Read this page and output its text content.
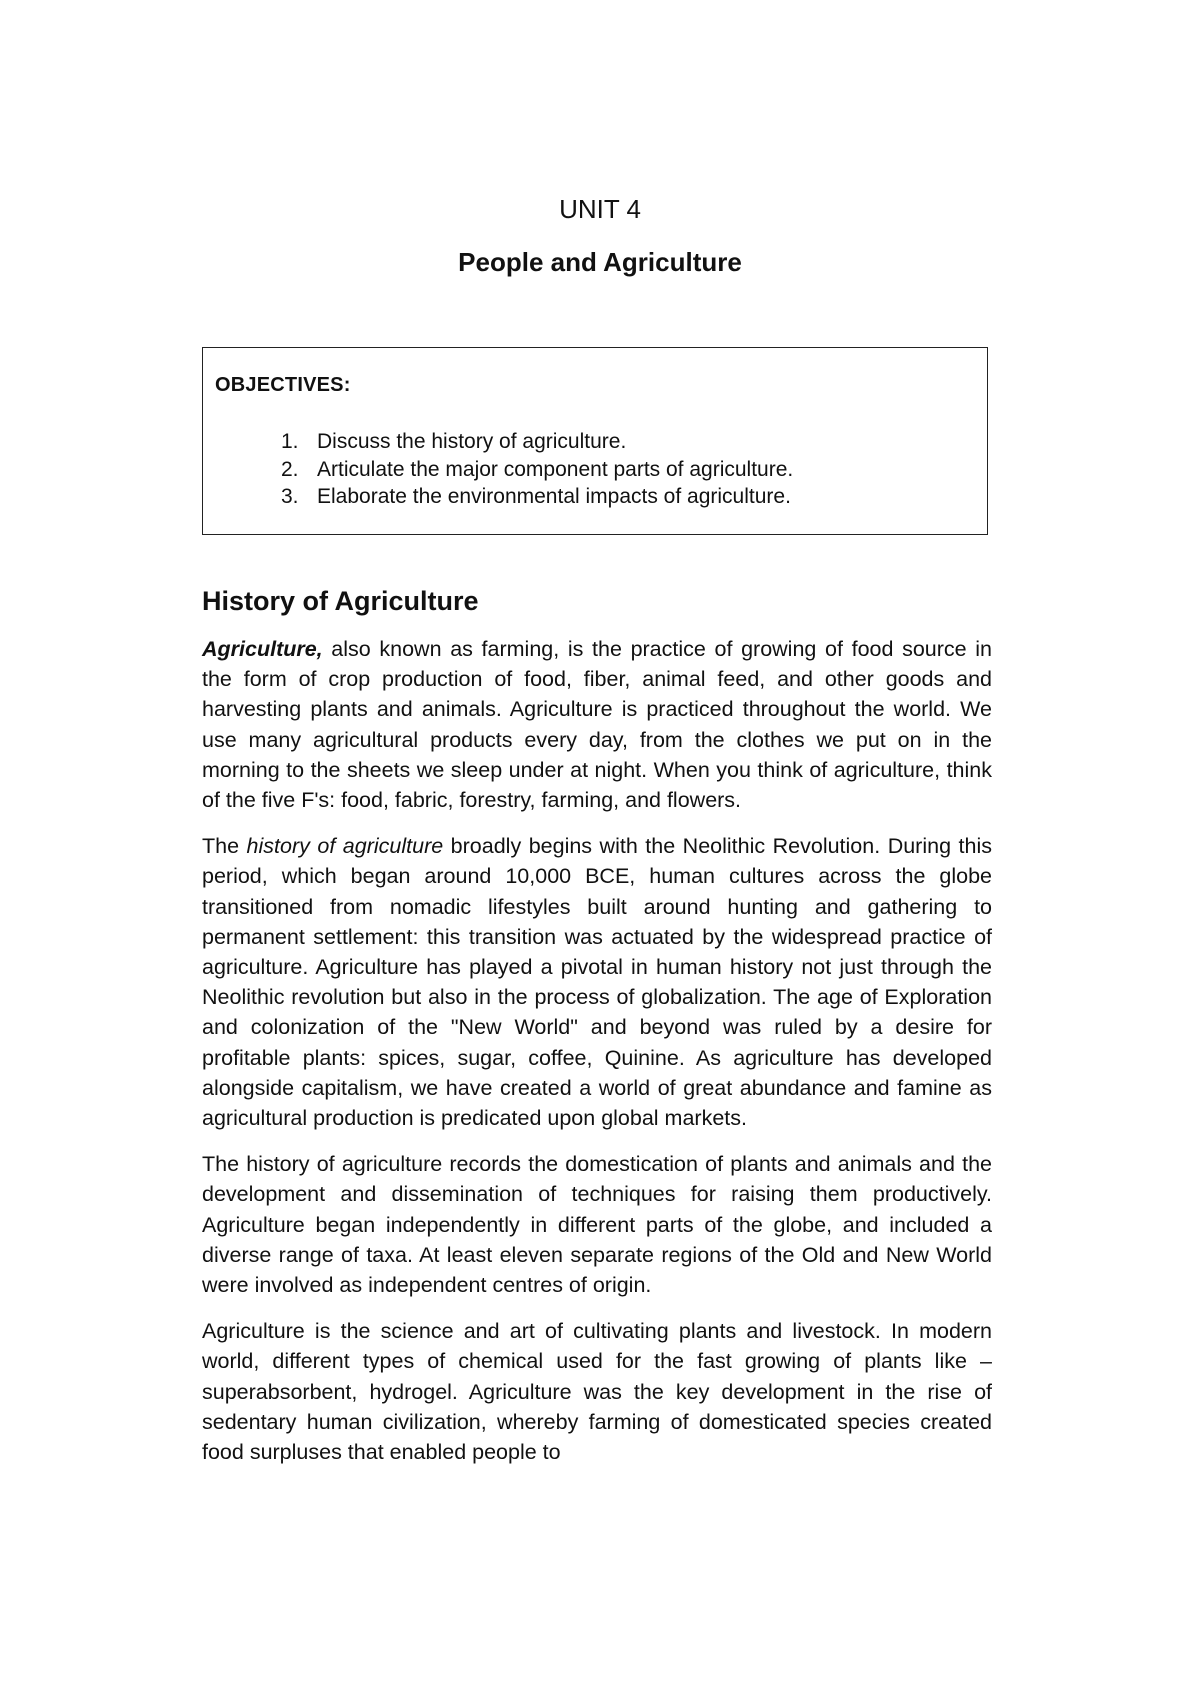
UNIT 4
People and Agriculture
OBJECTIVES:
1. Discuss the history of agriculture.
2. Articulate the major component parts of agriculture.
3. Elaborate the environmental impacts of agriculture.
History of Agriculture

Agriculture, also known as farming, is the practice of growing of food source in the form of crop production of food, fiber, animal feed, and other goods and harvesting plants and animals. Agriculture is practiced throughout the world. We use many agricultural products every day, from the clothes we put on in the morning to the sheets we sleep under at night. When you think of agriculture, think of the five F's: food, fabric, forestry, farming, and flowers.

The history of agriculture broadly begins with the Neolithic Revolution. During this period, which began around 10,000 BCE, human cultures across the globe transitioned from nomadic lifestyles built around hunting and gathering to permanent settlement: this transition was actuated by the widespread practice of agriculture. Agriculture has played a pivotal in human history not just through the Neolithic revolution but also in the process of globalization. The age of Exploration and colonization of the "New World" and beyond was ruled by a desire for profitable plants: spices, sugar, coffee, Quinine. As agriculture has developed alongside capitalism, we have created a world of great abundance and famine as agricultural production is predicated upon global markets.

The history of agriculture records the domestication of plants and animals and the development and dissemination of techniques for raising them productively. Agriculture began independently in different parts of the globe, and included a diverse range of taxa. At least eleven separate regions of the Old and New World were involved as independent centres of origin.

Agriculture is the science and art of cultivating plants and livestock. In modern world, different types of chemical used for the fast growing of plants like – superabsorbent, hydrogel. Agriculture was the key development in the rise of sedentary human civilization, whereby farming of domesticated species created food surpluses that enabled people to
